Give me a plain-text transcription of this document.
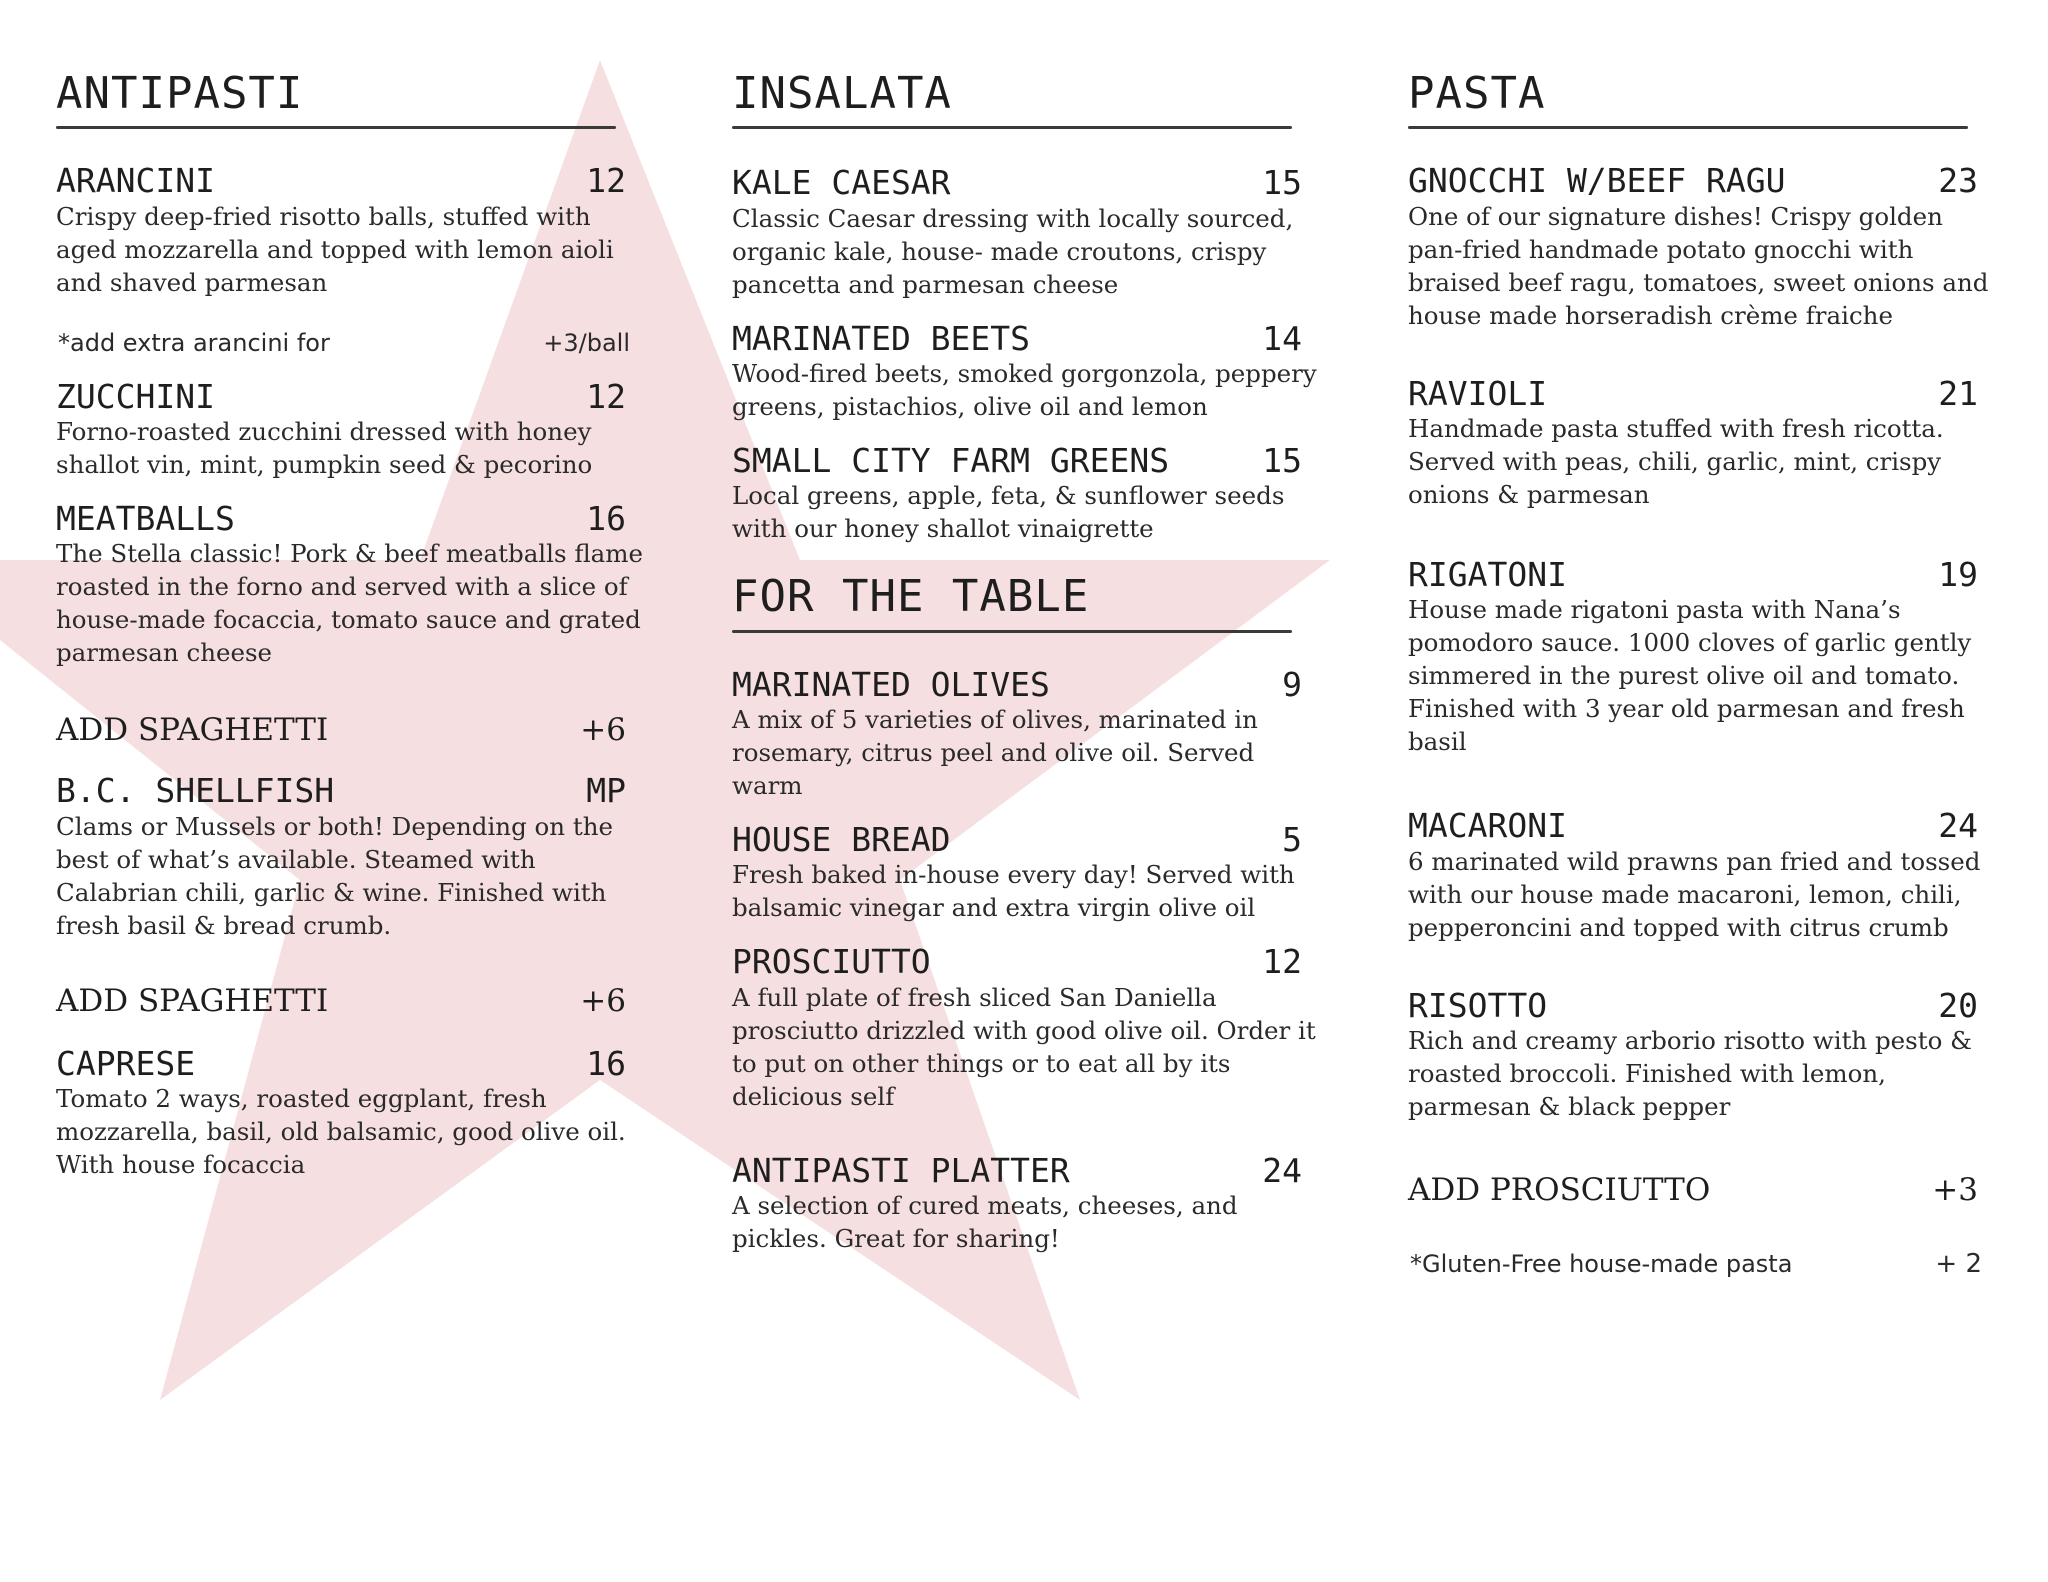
ANTIPASTI
ARANCINI	12
Crispy deep-fried risotto balls, stuffed with aged mozzarella and topped with lemon aioli and shaved parmesan
*add extra arancini for	+3/ball
ZUCCHINI	12
Forno-roasted zucchini dressed with honey shallot vin, mint, pumpkin seed & pecorino
MEATBALLS	16
The Stella classic! Pork & beef meatballs flame roasted in the forno and served with a slice of house-made focaccia, tomato sauce and grated parmesan cheese
ADD SPAGHETTI	+6
B.C. SHELLFISH	MP
Clams or Mussels or both! Depending on the best of what’s available. Steamed with Calabrian chili, garlic & wine. Finished with fresh basil & bread crumb.
ADD SPAGHETTI	+6
CAPRESE	16
Tomato 2 ways, roasted eggplant, fresh mozzarella, basil, old balsamic, good olive oil. With house focaccia
INSALATA
KALE CAESAR	15
Classic Caesar dressing with locally sourced, organic kale, house- made croutons, crispy pancetta and parmesan cheese
MARINATED BEETS	14
Wood-fired beets, smoked gorgonzola, peppery greens, pistachios, olive oil and lemon
SMALL CITY FARM GREENS	15
Local greens, apple, feta, & sunflower seeds with our honey shallot vinaigrette
FOR THE TABLE
MARINATED OLIVES	9
A mix of 5 varieties of olives, marinated in rosemary, citrus peel and olive oil. Served warm
HOUSE BREAD	5
Fresh baked in-house every day! Served with balsamic vinegar and extra virgin olive oil
PROSCIUTTO	12
A full plate of fresh sliced San Daniella prosciutto drizzled with good olive oil. Order it to put on other things or to eat all by its delicious self
ANTIPASTI PLATTER	24
A selection of cured meats, cheeses, and pickles. Great for sharing!
PASTA
GNOCCHI W/BEEF RAGU	23
One of our signature dishes! Crispy golden pan-fried handmade potato gnocchi with braised beef ragu, tomatoes, sweet onions and house made horseradish crème fraiche
RAVIOLI	21
Handmade pasta stuffed with fresh ricotta. Served with peas, chili, garlic, mint, crispy onions & parmesan
RIGATONI	19
House made rigatoni pasta with Nana’s pomodoro sauce. 1000 cloves of garlic gently simmered in the purest olive oil and tomato. Finished with 3 year old parmesan and fresh basil
MACARONI	24
6 marinated wild prawns pan fried and tossed with our house made macaroni, lemon, chili, pepperoncini and topped with citrus crumb
RISOTTO	20
Rich and creamy arborio risotto with pesto & roasted broccoli. Finished with lemon, parmesan & black pepper
ADD PROSCIUTTO	+3
*Gluten-Free house-made pasta	+ 2
